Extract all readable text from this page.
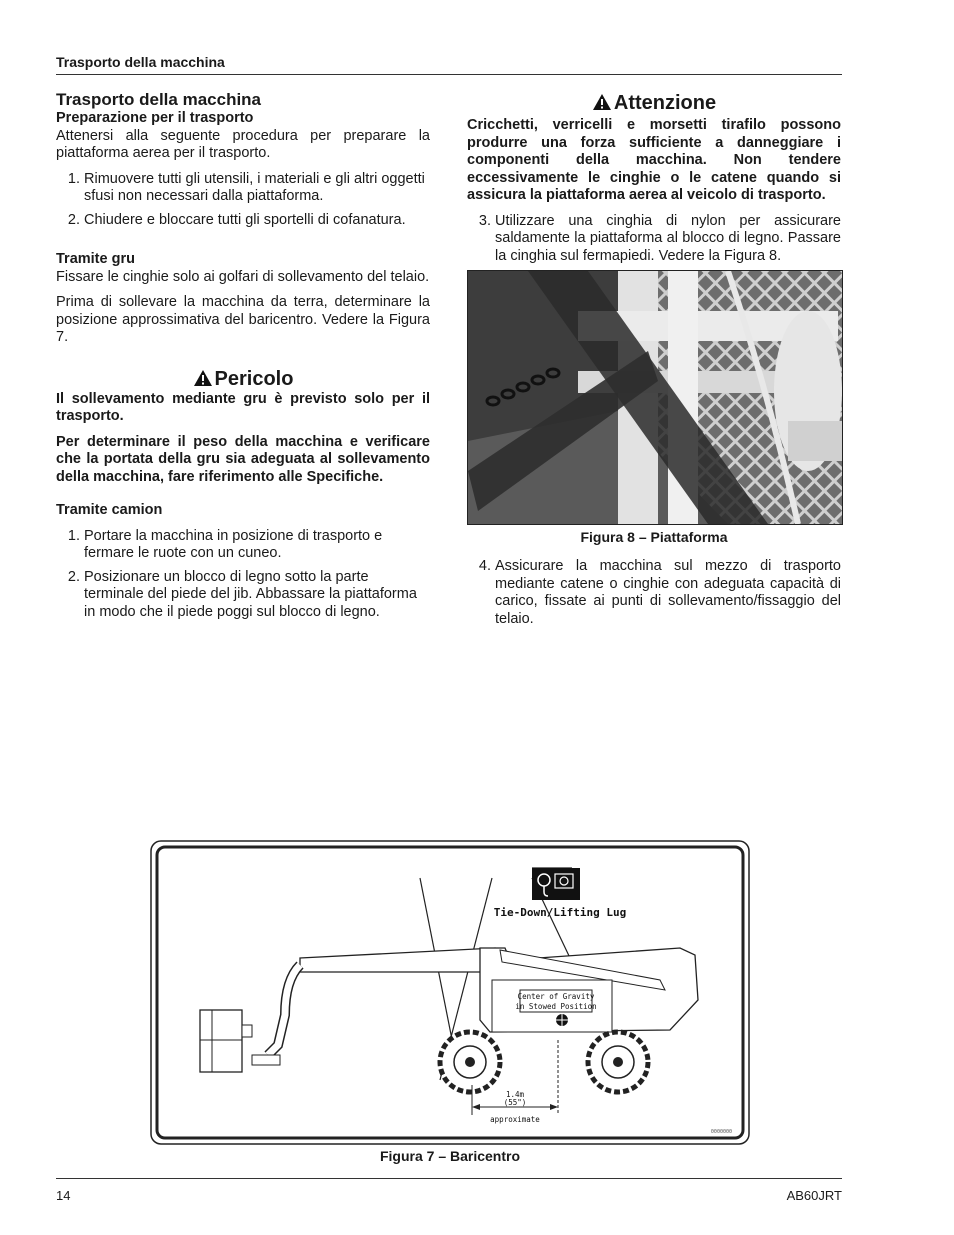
Trasporto della macchina
Trasporto della macchina
Preparazione per il trasporto

Attenersi alla seguente procedura per preparare la piattaforma aerea per il trasporto.

1. Rimuovere tutti gli utensili, i materiali e gli altri oggetti sfusi non necessari dalla piattaforma.
2. Chiudere e bloccare tutti gli sportelli di cofanatura.
Tramite gru

Fissare le cinghie solo ai golfari di sollevamento del telaio.

Prima di sollevare la macchina da terra, determinare la posizione approssimativa del baricentro. Vedere la Figura 7.

Pericolo

Il sollevamento mediante gru è previsto solo per il trasporto.

Per determinare il peso della macchina e verificare che la portata della gru sia adeguata al sollevamento della macchina, fare riferimento alle Specifiche.

Tramite camion
1. Portare la macchina in posizione di trasporto e fermare le ruote con un cuneo.
2. Posizionare un blocco di legno sotto la parte terminale del piede del jib. Abbassare la piattaforma in modo che il piede poggi sul blocco di legno.
Attenzione

Cricchetti, verricelli e morsetti tirafilo possono produrre una forza sufficiente a danneggiare i componenti della macchina. Non tendere eccessivamente le cinghie o le catene quando si assicura la piattaforma aerea al veicolo di trasporto.

3. Utilizzare una cinghia di nylon per assicurare saldamente la piattaforma al blocco di legno. Passare la cinghia sul fermapiedi. Vedere la Figura 8.
Figura 8 – Piattaforma
4. Assicurare la macchina sul mezzo di trasporto mediante catene o cinghie con adeguata capacità di carico, fissate ai punti di sollevamento/fissaggio del telaio.
Tie-Down/Lifting Lug
Center of Gravity
in Stowed Position
1.4m
(55")
approximate
0000000
Figura 7 – Baricentro
14	AB60JRT
